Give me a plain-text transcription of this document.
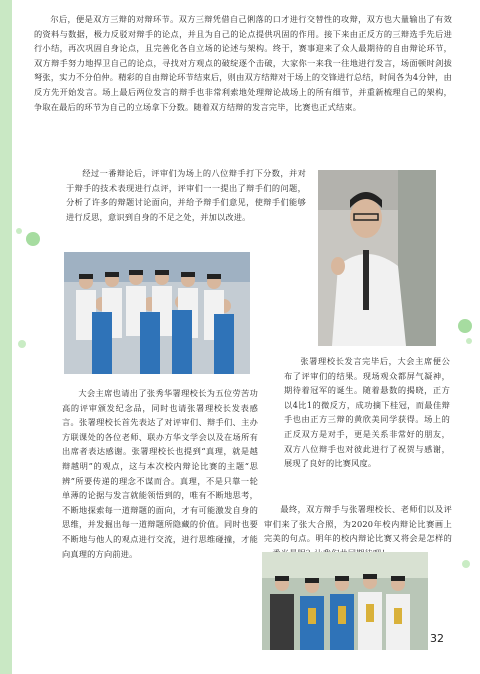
尔后，便是双方三辩的对辩环节。双方三辩凭借自己俐落的口才进行交替性的攻辩，双方也大量输出了有效的资料与数据，极力反驳对辩手的论点，并且为自己的论点提供巩固的作用。接下来由正反方的三辩选手先后进行小结，再次巩固自身论点，且完善化各自立场的论述与架构。终于，赛事迎来了众人最期待的自由辩论环节，双方辩手努力地捍卫自己的论点，寻找对方观点的破绽逐个击破，大家你一来我一往地进行发言，场面顿时剑拔弩张，实力不分伯仲。精彩的自由辩论环节结束后，则由双方结辩对于场上的交锋进行总结，时间各为4分钟，由反方先开始发言。场上最后两位发言的辩手也非常利索地处理辩论战场上的所有细节，并重新梳理自己的架构，争取在最后的环节为自己的立场拿下分数。随着双方结辩的发言完毕，比赛也正式结束。

经过一番辩论后，评审们为场上的八位辩手打下分数，并对于辩手的技术表现进行点评，评审们一一提出了辩手们的问题，分析了许多的辩题讨论面向，并给予辩手们意见，使辩手们能够进行反思，意识到自身的不足之处，并加以改进。

张署理校长发言完毕后，大会主席便公布了评审们的结果。现场观众都屏气凝神，期待着冠军的诞生。随着悬数的揭晓，正方以4比1的微反方，成功摘下桂冠，而最佳辩手也由正方三辩的黄欣美同学获得。场上的正反双方是对手，更是关系非常好的朋友，双方八位辩手也对彼此进行了祝贺与感谢，展现了良好的比赛风度。

大会主席也请出了张秀华署理校长为五位劳苦功高的评审颁发纪念品，同时也请张署理校长发表感言。张署理校长首先表达了对评审们、辩手们、主办方联课处的各位老师、联办方华文学会以及在场所有出席者表达感谢。张署理校长也提到“真理，就是越辩越明”的观点，这与本次校内辩论比赛的主题“思辨”所要传递的理念不谋而合。真理，不是只靠一轮单薄的论据与发言就能领悟到的，唯有不断地思考，不断地探索每一道辩题的面向，才有可能激发自身的思维，并发掘出每一道辩题所隐藏的价值。同时也要不断地与他人的观点进行交流，进行思维碰撞，才能向真理的方向前进。

最终，双方辩手与张署理校长、老师们以及评审们来了张大合照，为2020年校内辩论比赛画上完美的句点。明年的校内辩论比赛又将会是怎样的

32
